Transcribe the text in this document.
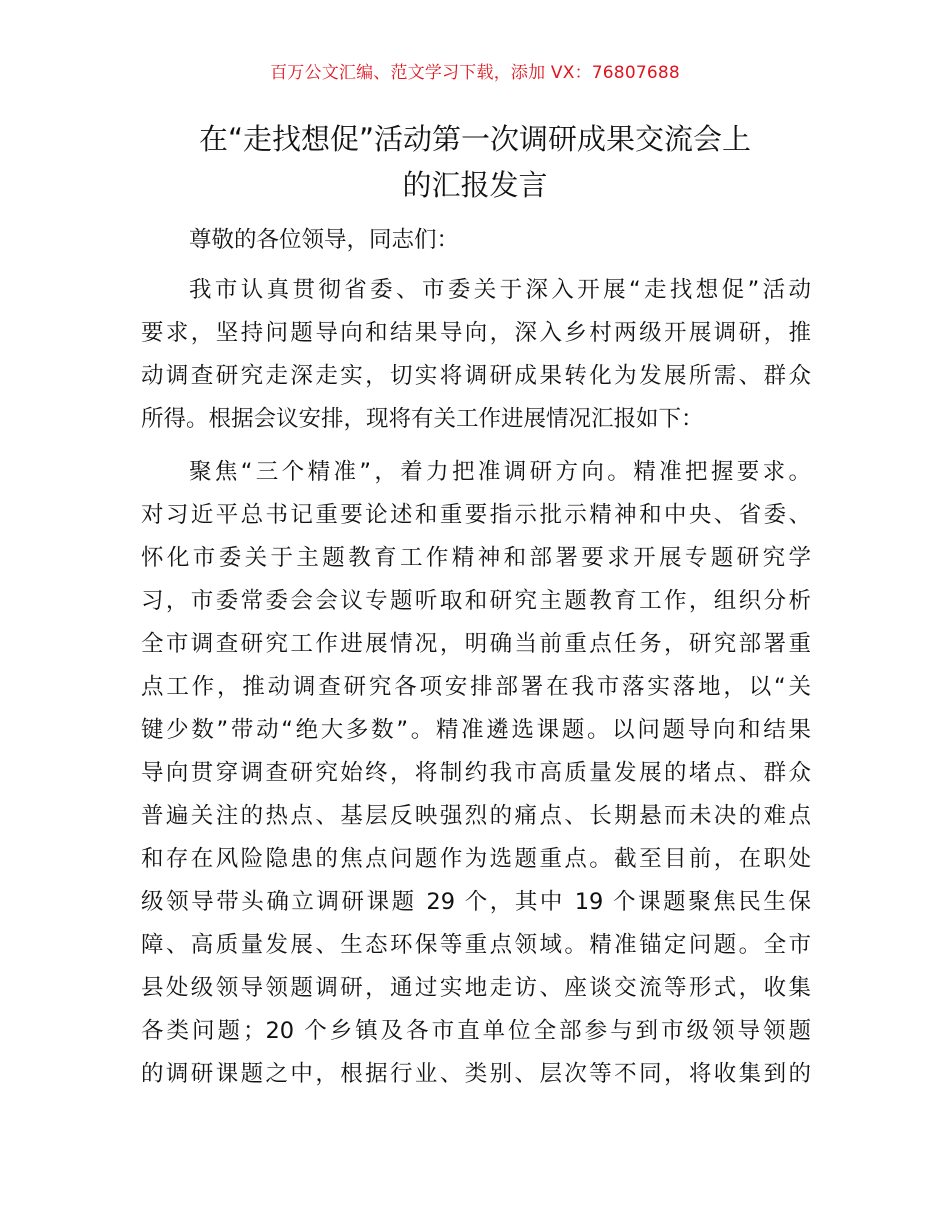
百万公文汇编、范文学习下载，添加 VX：76807688
在“走找想促”活动第一次调研成果交流会上
的汇报发言
尊敬的各位领导，同志们：
我市认真贯彻省委、市委关于深入开展“走找想促”活动
要求，坚持问题导向和结果导向，深入乡村两级开展调研，推
动调查研究走深走实，切实将调研成果转化为发展所需、群众
所得。根据会议安排，现将有关工作进展情况汇报如下：
聚焦“三个精准”，着力把准调研方向。精准把握要求。
对习近平总书记重要论述和重要指示批示精神和中央、省委、
怀化市委关于主题教育工作精神和部署要求开展专题研究学
习，市委常委会会议专题听取和研究主题教育工作，组织分析
全市调查研究工作进展情况，明确当前重点任务，研究部署重
点工作，推动调查研究各项安排部署在我市落实落地，以“关
键少数”带动“绝大多数”。精准遴选课题。以问题导向和结果
导向贯穿调查研究始终，将制约我市高质量发展的堵点、群众
普遍关注的热点、基层反映强烈的痛点、长期悬而未决的难点
和存在风险隐患的焦点问题作为选题重点。截至目前，在职处
级领导带头确立调研课题 29 个，其中 19 个课题聚焦民生保
障、高质量发展、生态环保等重点领域。精准锚定问题。全市
县处级领导领题调研，通过实地走访、座谈交流等形式，收集
各类问题；20 个乡镇及各市直单位全部参与到市级领导领题
的调研课题之中，根据行业、类别、层次等不同，将收集到的
